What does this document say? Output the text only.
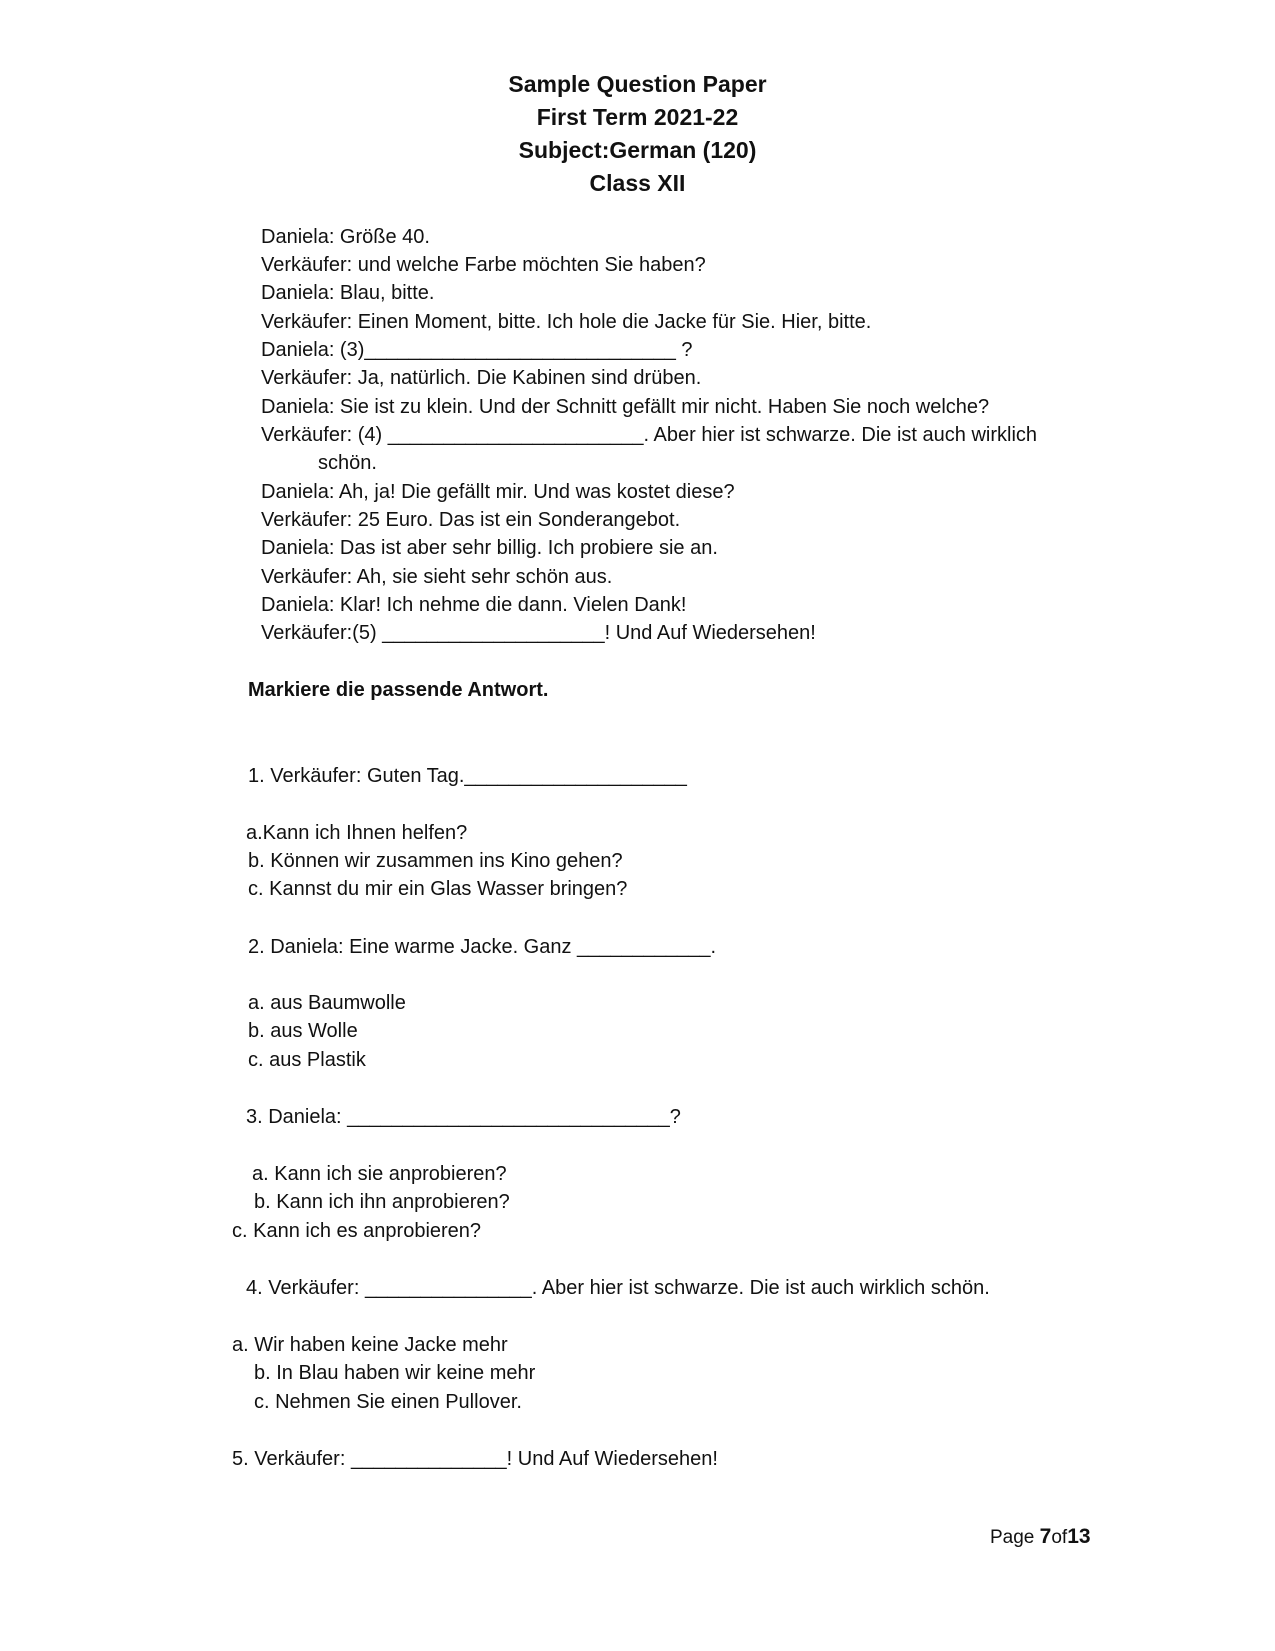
Sample Question Paper
First Term 2021-22
Subject:German (120)
Class XII
Daniela: Größe 40.
Verkäufer: und welche Farbe möchten Sie haben?
Daniela: Blau, bitte.
Verkäufer: Einen Moment, bitte. Ich hole die Jacke für Sie. Hier, bitte.
Daniela: (3)____________________________ ?
Verkäufer: Ja, natürlich. Die Kabinen sind drüben.
Daniela: Sie ist zu klein. Und der Schnitt gefällt mir nicht. Haben Sie noch welche?
Verkäufer: (4) _______________________. Aber hier ist schwarze. Die ist auch wirklich
schön.
Daniela: Ah, ja! Die gefällt mir. Und was kostet diese?
Verkäufer: 25 Euro. Das ist ein Sonderangebot.
Daniela: Das ist aber sehr billig. Ich probiere sie an.
Verkäufer: Ah, sie sieht sehr schön aus.
Daniela: Klar! Ich nehme die dann. Vielen Dank!
Verkäufer:(5) ____________________! Und Auf Wiedersehen!
Markiere die passende Antwort.
1. Verkäufer: Guten Tag.____________________
a.Kann ich Ihnen helfen?
b. Können wir zusammen ins Kino gehen?
c. Kannst du mir ein Glas Wasser bringen?
2. Daniela: Eine warme Jacke. Ganz ____________.
a. aus Baumwolle
b. aus Wolle
c. aus Plastik
3. Daniela: _____________________________?
a. Kann ich sie anprobieren?
b. Kann ich ihn anprobieren?
c. Kann ich es anprobieren?
4. Verkäufer: _______________. Aber hier ist schwarze. Die ist auch wirklich schön.
a. Wir haben keine Jacke mehr
b. In Blau haben wir keine mehr
c. Nehmen Sie einen Pullover.
5. Verkäufer: ______________! Und Auf Wiedersehen!
Page 7of13
